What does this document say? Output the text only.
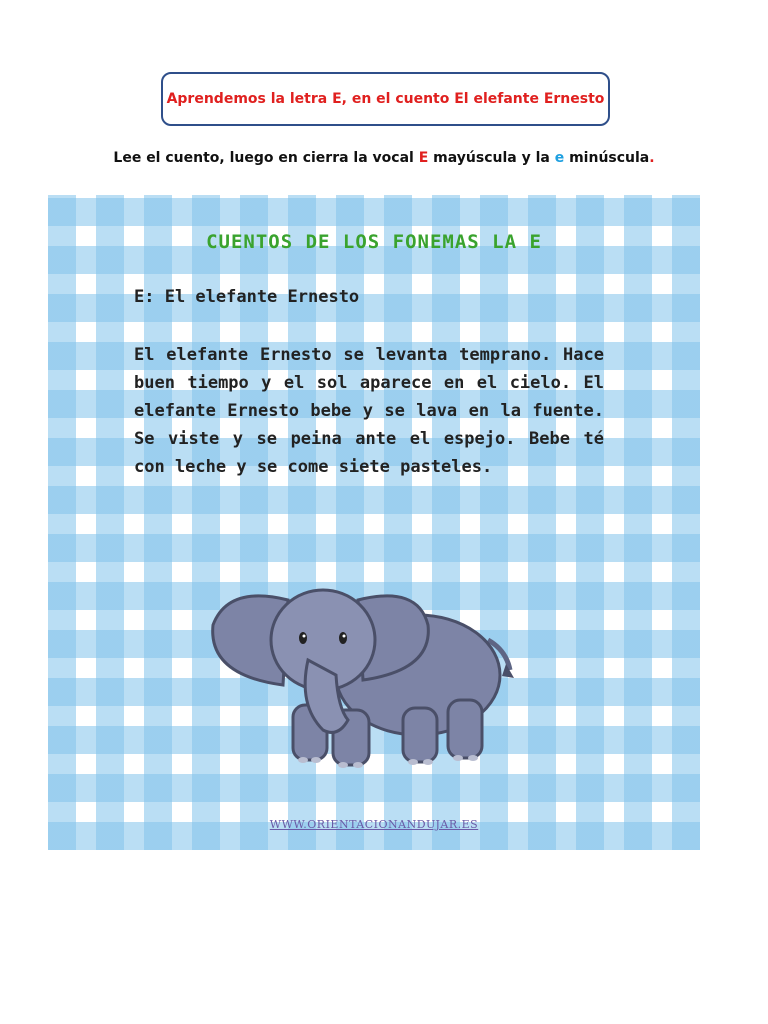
Aprendemos la letra E, en el cuento El elefante Ernesto
Lee el cuento, luego en cierra la vocal E mayúscula y la e minúscula.
CUENTOS DE LOS FONEMAS LA E
E: El elefante Ernesto
El elefante Ernesto se levanta temprano. Hace buen tiempo y el sol aparece en el cielo. El elefante Ernesto bebe y se lava en la fuente. Se viste y se peina ante el espejo. Bebe té con leche y se come siete pasteles.
WWW.ORIENTACIONANDUJAR.ES
